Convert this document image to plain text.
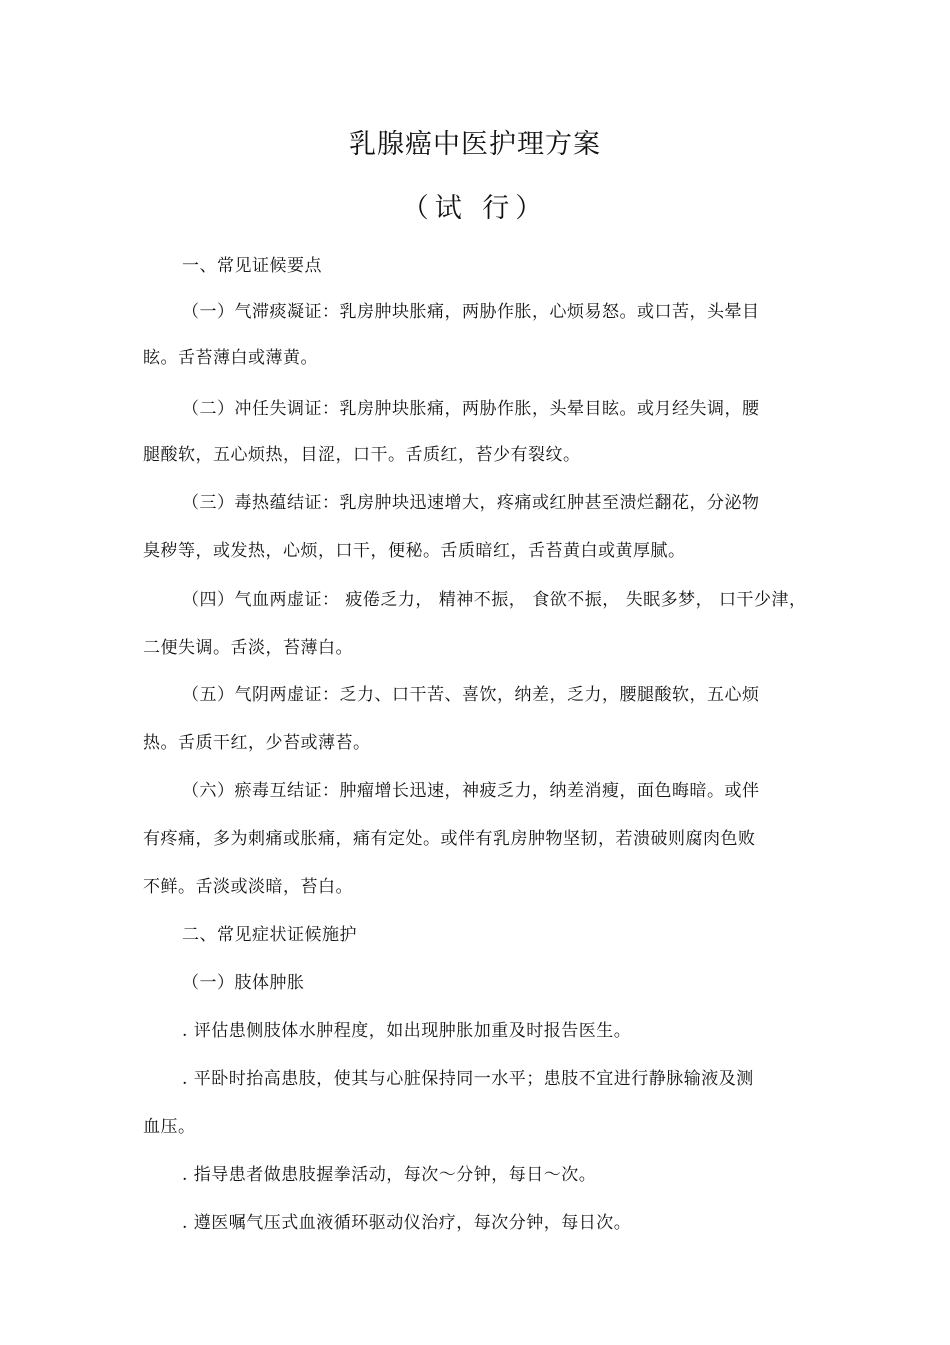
乳腺癌中医护理方案
（试 行）
一、常见证候要点
（一）气滞痰凝证：乳房肿块胀痛，两胁作胀，心烦易怒。或口苦，头晕目
眩。舌苔薄白或薄黄。
（二）冲任失调证：乳房肿块胀痛，两胁作胀，头晕目眩。或月经失调，腰
腿酸软，五心烦热，目涩，口干。舌质红，苔少有裂纹。
（三）毒热蕴结证：乳房肿块迅速增大，疼痛或红肿甚至溃烂翻花，分泌物
臭秽等，或发热，心烦，口干，便秘。舌质暗红，舌苔黄白或黄厚腻。
（四）气血两虚证： 疲倦乏力， 精神不振， 食欲不振， 失眠多梦， 口干少津，
二便失调。舌淡，苔薄白。
（五）气阴两虚证：乏力、口干苦、喜饮，纳差，乏力，腰腿酸软，五心烦
热。舌质干红，少苔或薄苔。
（六）瘀毒互结证：肿瘤增长迅速，神疲乏力，纳差消瘦，面色晦暗。或伴
有疼痛，多为刺痛或胀痛，痛有定处。或伴有乳房肿物坚韧，若溃破则腐肉色败
不鲜。舌淡或淡暗，苔白。
二、常见症状证候施护
（一）肢体肿胀
. 评估患侧肢体水肿程度，如出现肿胀加重及时报告医生。
. 平卧时抬高患肢，使其与心脏保持同一水平；患肢不宜进行静脉输液及测
血压。
. 指导患者做患肢握拳活动，每次～分钟，每日～次。
. 遵医嘱气压式血液循环驱动仪治疗，每次分钟，每日次。
